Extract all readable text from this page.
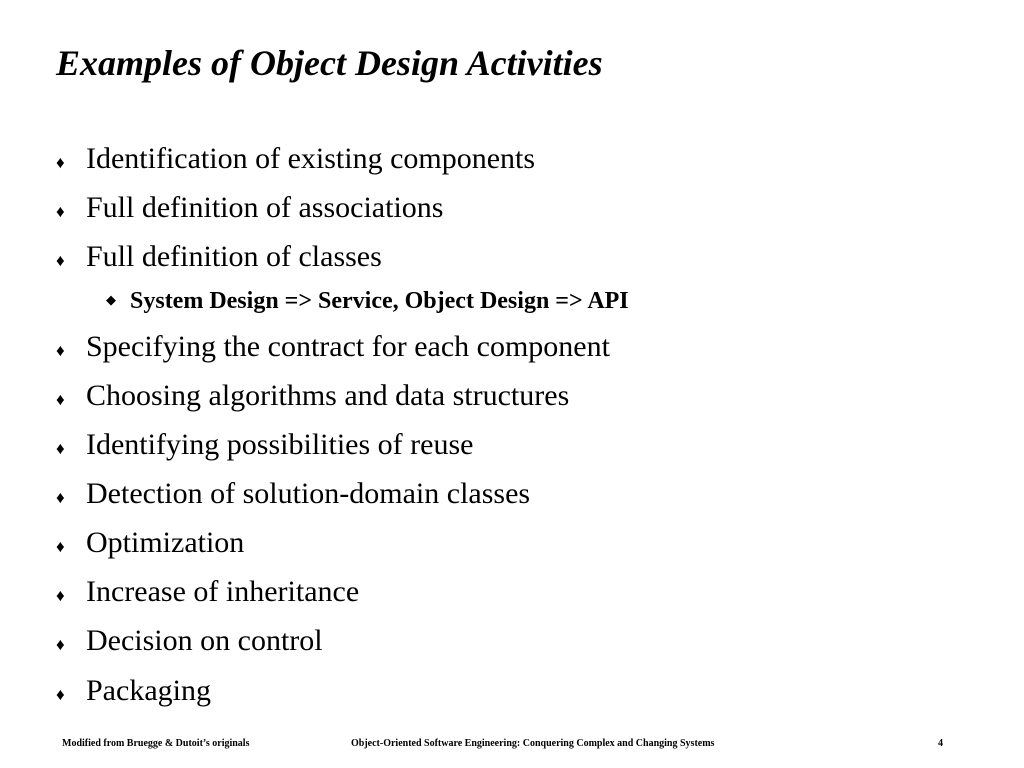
Examples of Object Design Activities
♦ Identification of existing components
♦ Full definition of associations
♦ Full definition of classes
◆ System Design => Service, Object Design => API
♦ Specifying the contract for each component
♦ Choosing algorithms and data structures
♦ Identifying possibilities of reuse
♦ Detection of solution-domain classes
♦ Optimization
♦ Increase of inheritance
♦ Decision on control
♦ Packaging
Modified from Bruegge & Dutoit’s originals	Object-Oriented Software Engineering: Conquering Complex and Changing Systems	4
